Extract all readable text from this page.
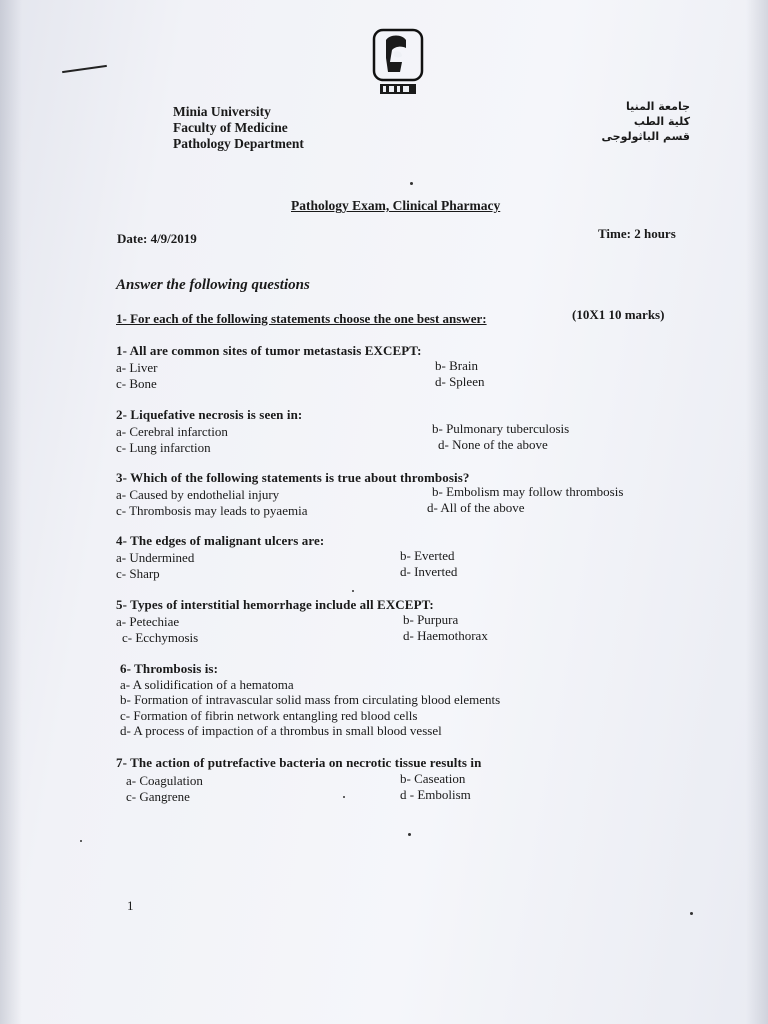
Minia University
Faculty of Medicine
Pathology Department
جامعة المنيا
كلية الطب
قسم الباثولوجى
Pathology Exam, Clinical Pharmacy
Date: 4/9/2019	Time: 2 hours
Answer the following questions
1- For each of the following statements choose the one best answer:	(10X1 10 marks)
1- All are common sites of tumor metastasis EXCEPT:
a- Liver	b- Brain
c- Bone	d- Spleen
2- Liquefative necrosis is seen in:
a- Cerebral infarction	b- Pulmonary tuberculosis
c- Lung infarction	d- None of the above
3- Which of the following statements is true about thrombosis?
a- Caused by endothelial injury	b- Embolism may follow thrombosis
c- Thrombosis may leads to pyaemia	d- All of the above
4- The edges of malignant ulcers are:
a- Undermined	b- Everted
c- Sharp	d- Inverted
5- Types of interstitial hemorrhage include all EXCEPT:
a- Petechiae	b- Purpura
c- Ecchymosis	d- Haemothorax
6- Thrombosis is:
a- A solidification of a hematoma
b- Formation of intravascular solid mass from circulating blood elements
c- Formation of fibrin network entangling red blood cells
d- A process of impaction of a thrombus in small blood vessel
7- The action of putrefactive bacteria on necrotic tissue results in
a- Coagulation	b- Caseation
c- Gangrene	d - Embolism
1
